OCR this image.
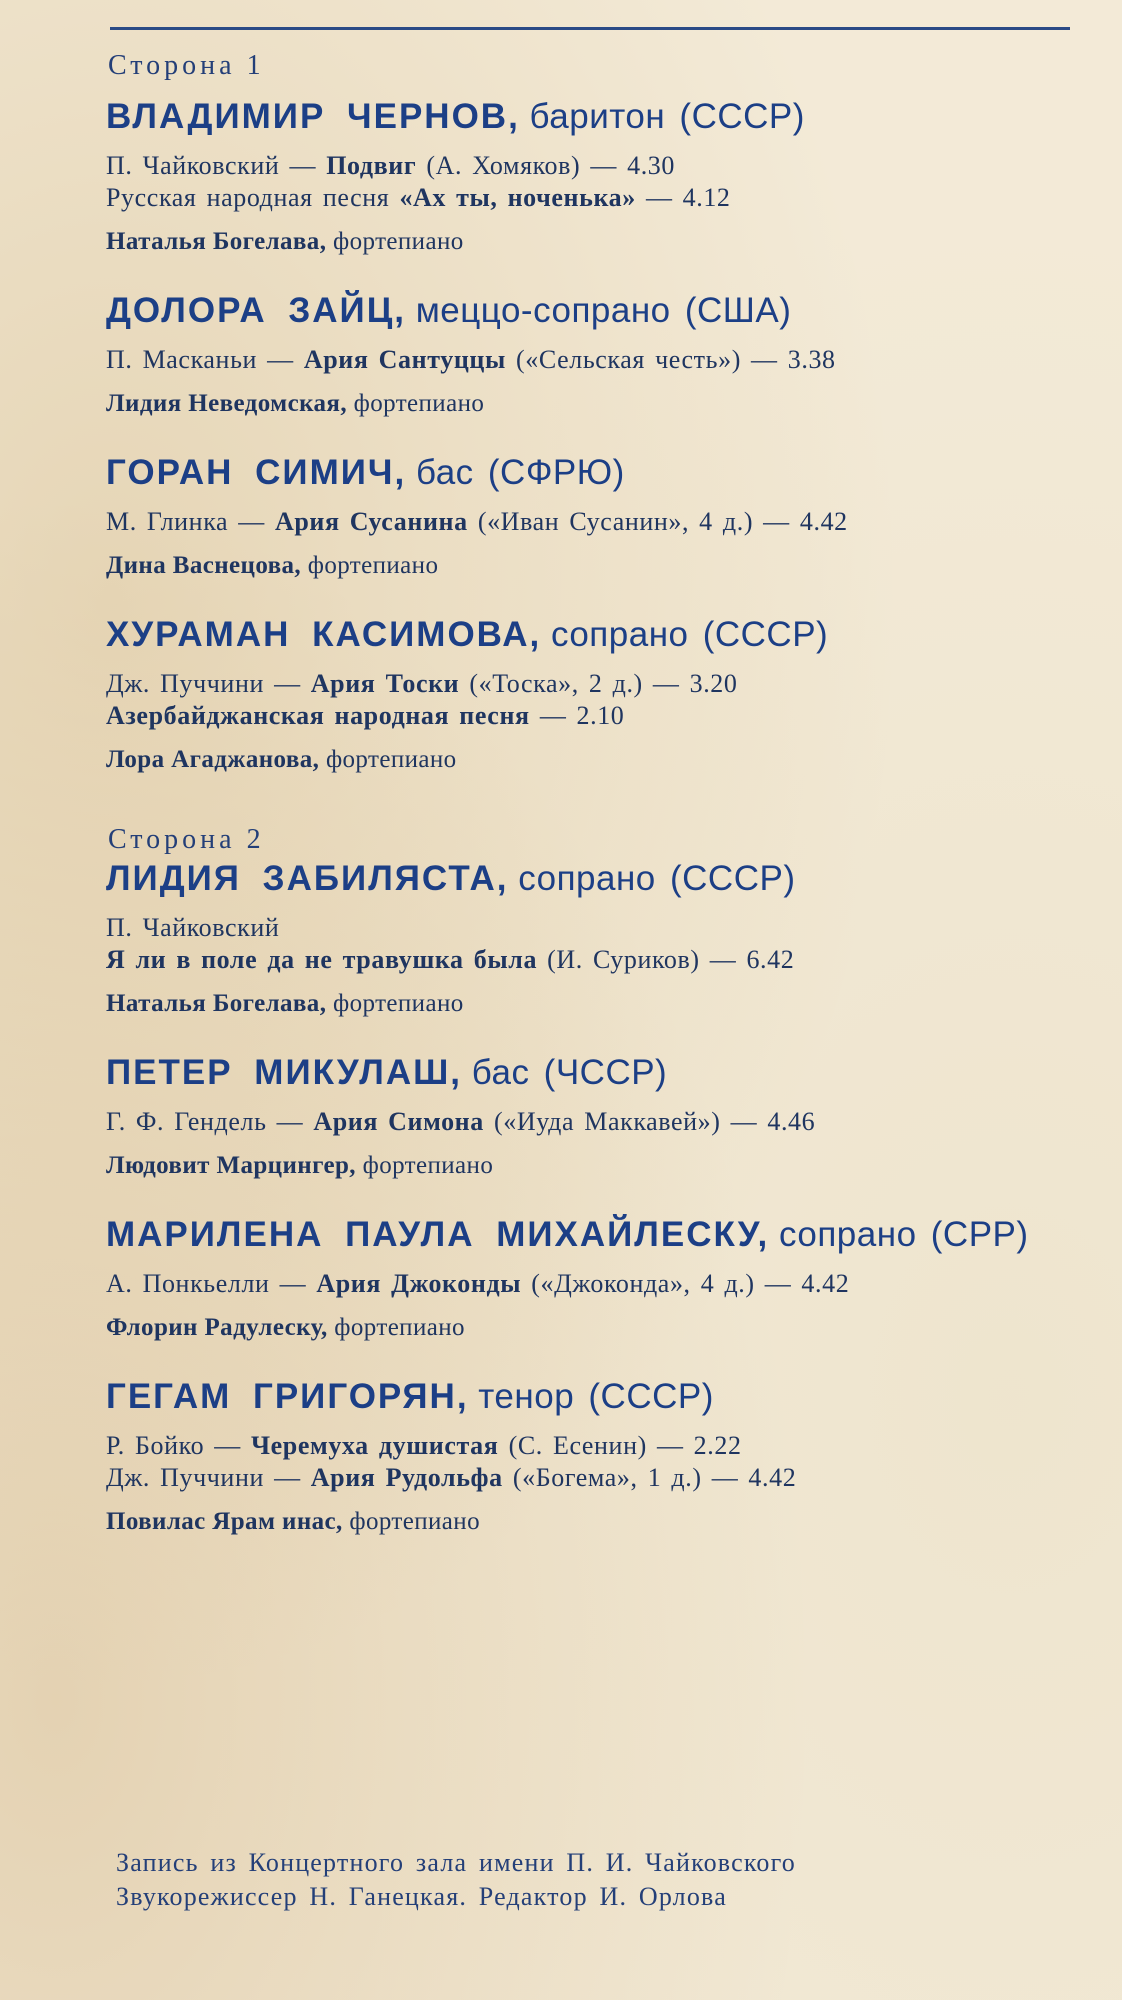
Сторона 1
ВЛАДИМИР ЧЕРНОВ, баритон (СССР)
П. Чайковский — Подвиг (А. Хомяков) — 4.30
Русская народная песня «Ах ты, ноченька» — 4.12
Наталья Богелава, фортепиано
ДОЛОРА ЗАЙЦ, меццо-сопрано (США)
П. Масканьи — Ария Сантуццы («Сельская честь») — 3.38
Лидия Неведомская, фортепиано
ГОРАН СИМИЧ, бас (СФРЮ)
М. Глинка — Ария Сусанина («Иван Сусанин», 4 д.) — 4.42
Дина Васнецова, фортепиано
ХУРАМАН КАСИМОВА, сопрано (СССР)
Дж. Пуччини — Ария Тоски («Тоска», 2 д.) — 3.20
Азербайджанская народная песня — 2.10
Лора Агаджанова, фортепиано
Сторона 2
ЛИДИЯ ЗАБИЛЯСТА, сопрано (СССР)
П. Чайковский
Я ли в поле да не травушка была (И. Суриков) — 6.42
Наталья Богелава, фортепиано
ПЕТЕР МИКУЛАШ, бас (ЧССР)
Г. Ф. Гендель — Ария Симона («Иуда Маккавей») — 4.46
Людовит Марцингер, фортепиано
МАРИЛЕНА ПАУЛА МИХАЙЛЕСКУ, сопрано (СРР)
А. Понкьелли — Ария Джоконды («Джоконда», 4 д.) — 4.42
Флорин Радулеску, фортепиано
ГЕГАМ ГРИГОРЯН, тенор (СССР)
Р. Бойко — Черемуха душистая (С. Есенин) — 2.22
Дж. Пуччини — Ария Рудольфа («Богема», 1 д.) — 4.42
Повилас Ярам инас, фортепиано
Запись из Концертного зала имени П. И. Чайковского
Звукорежиссер Н. Ганецкая. Редактор И. Орлова
